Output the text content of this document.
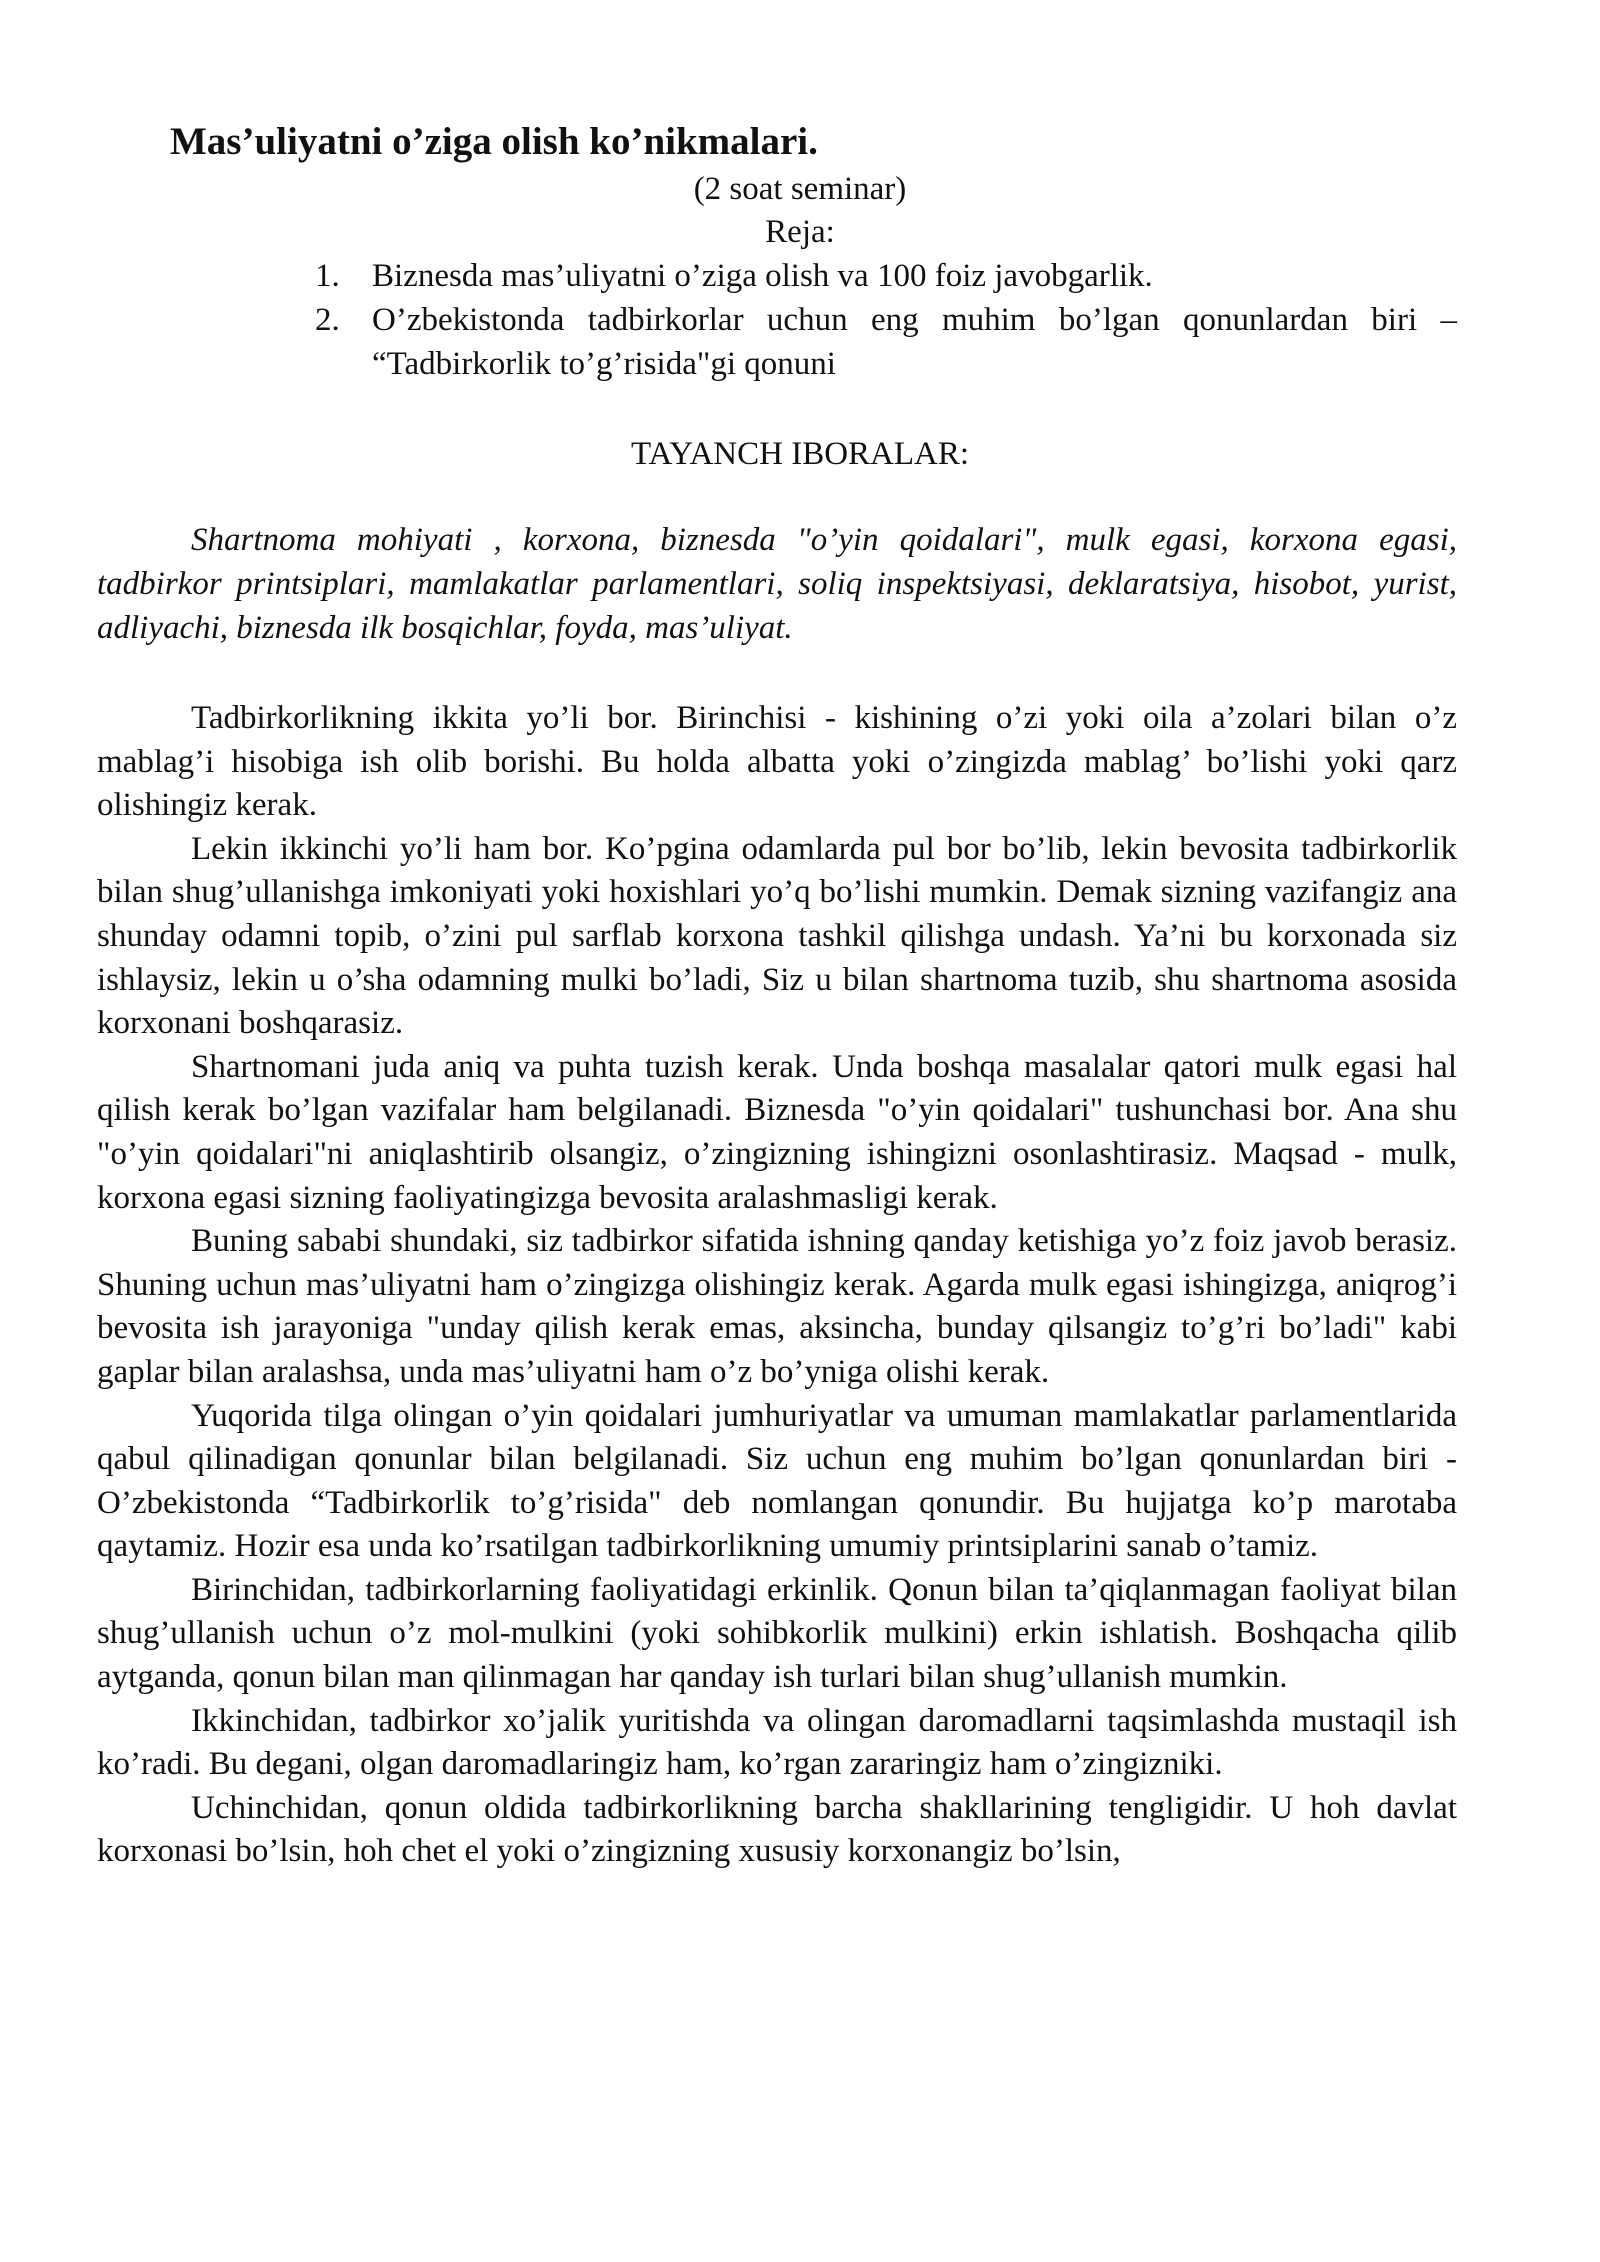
Mas’uliyatni o’ziga olish ko’nikmalari.
(2 soat seminar)
Reja:
1. Biznesda mas’uliyatni o’ziga olish va 100 foiz javobgarlik.
2. O’zbekistonda tadbirkorlar uchun eng muhim bo’lgan qonunlardan biri – “Tadbirkorlik to’g’risida"gi qonuni
TAYANCH IBORALAR:
Shartnoma mohiyati , korxona, biznesda "o’yin qoidalari", mulk egasi, korxona egasi, tadbirkor printsiplari, mamlakatlar parlamentlari, soliq inspektsiyasi, deklaratsiya, hisobot, yurist, adliyachi, biznesda ilk bosqichlar, foyda, mas’uliyat.

Tadbirkorlikning ikkita yo’li bor. Birinchisi - kishining o’zi yoki oila a’zolari bilan o’z mablag’i hisobiga ish olib borishi. Bu holda albatta yoki o’zingizda mablag’ bo’lishi yoki qarz olishingiz kerak.

Lekin ikkinchi yo’li ham bor. Ko’pgina odamlarda pul bor bo’lib, lekin bevosita tadbirkorlik bilan shug’ullanishga imkoniyati yoki hoxishlari yo’q bo’lishi mumkin. Demak sizning vazifangiz ana shunday odamni topib, o’zini pul sarflab korxona tashkil qilishga undash. Ya’ni bu korxonada siz ishlaysiz, lekin u o’sha odamning mulki bo’ladi, Siz u bilan shartnoma tuzib, shu shartnoma asosida korxonani boshqarasiz.

Shartnomani juda aniq va puhta tuzish kerak. Unda boshqa masalalar qatori mulk egasi hal qilish kerak bo’lgan vazifalar ham belgilanadi. Biznesda "o’yin qoidalari" tushunchasi bor. Ana shu "o’yin qoidalari"ni aniqlashtirib olsangiz, o’zingizning ishingizni osonlashtirasiz. Maqsad - mulk, korxona egasi sizning faoliyatingizga bevosita aralashmasligi kerak.

Buning sababi shundaki, siz tadbirkor sifatida ishning qanday ketishiga yo’z foiz javob berasiz. Shuning uchun mas’uliyatni ham o’zingizga olishingiz kerak. Agarda mulk egasi ishingizga, aniqrog’i bevosita ish jarayoniga "unday qilish kerak emas, aksincha, bunday qilsangiz to’g’ri bo’ladi" kabi gaplar bilan aralashsa, unda mas’uliyatni ham o’z bo’yniga olishi kerak.

Yuqorida tilga olingan o’yin qoidalari jumhuriyatlar va umuman mamlakatlar parlamentlarida qabul qilinadigan qonunlar bilan belgilanadi. Siz uchun eng muhim bo’lgan qonunlardan biri - O’zbekistonda “Tadbirkorlik to’g’risida" deb nomlangan qonundir. Bu hujjatga ko’p marotaba qaytamiz. Hozir esa unda ko’rsatilgan tadbirkorlikning umumiy printsiplarini sanab o’tamiz.

Birinchidan, tadbirkorlarning faoliyatidagi erkinlik. Qonun bilan ta’qiqlanmagan faoliyat bilan shug’ullanish uchun o’z mol-mulkini (yoki sohibkorlik mulkini) erkin ishlatish. Boshqacha qilib aytganda, qonun bilan man qilinmagan har qanday ish turlari bilan shug’ullanish mumkin.

Ikkinchidan, tadbirkor xo’jalik yuritishda va olingan daromadlarni taqsimlashda mustaqil ish ko’radi. Bu degani, olgan daromadlaringiz ham, ko’rgan zararingiz ham o’zingizniki.

Uchinchidan, qonun oldida tadbirkorlikning barcha shakllarining tengligidir. U hoh davlat korxonasi bo’lsin, hoh chet el yoki o’zingizning xususiy korxonangiz bo’lsin,
